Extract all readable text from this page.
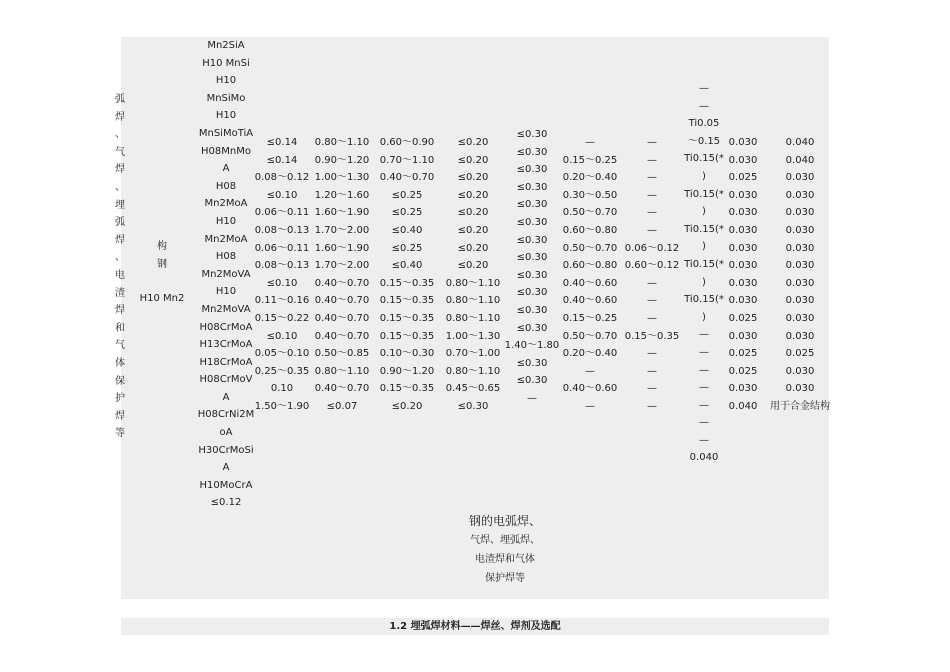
弧
焊
、
气
焊
、
埋
弧
焊
、
电
渣
焊
和
气
体
保
护
焊
等
构
钢
H10 Mn2
Mn2SiA
H10 MnSi
H10
MnSiMo
H10
MnSiMoTiA
H08MnMo
A
H08
Mn2MoA
H10
Mn2MoA
H08
Mn2MoVA
H10
Mn2MoVA
H08CrMoA
H13CrMoA
H18CrMoA
H08CrMoV
A
H08CrNi2M
oA
H30CrMoSi
A
H10MoCrA
≤0.12
≤0.14
≤0.14
0.08～0.12
≤0.10
0.06～0.11
0.08～0.13
0.06～0.11
0.08～0.13
≤0.10
0.11～0.16
0.15～0.22
≤0.10
0.05～0.10
0.25～0.35
0.10
1.50～1.90
0.80～1.10
0.90～1.20
1.00～1.30
1.20～1.60
1.60～1.90
1.70～2.00
1.60～1.90
1.70～2.00
0.40～0.70
0.40～0.70
0.40～0.70
0.40～0.70
0.50～0.85
0.80～1.10
0.40～0.70
≤0.07
0.60～0.90
0.70～1.10
0.40～0.70
≤0.25
≤0.25
≤0.40
≤0.25
≤0.40
0.15～0.35
0.15～0.35
0.15～0.35
0.15～0.35
0.10～0.30
0.90～1.20
0.15～0.35
≤0.20
≤0.20
≤0.20
≤0.20
≤0.20
≤0.20
≤0.20
≤0.20
≤0.20
0.80～1.10
0.80～1.10
0.80～1.10
1.00～1.30
0.70～1.00
0.80～1.10
0.45～0.65
≤0.30
≤0.30
≤0.30
≤0.30
≤0.30
≤0.30
≤0.30
≤0.30
≤0.30
≤0.30
≤0.30
≤0.30
≤0.30
1.40～1.80
≤0.30
≤0.30
—
—
0.15～0.25
0.20～0.40
0.30～0.50
0.50～0.70
0.60～0.80
0.50～0.70
0.60～0.80
0.40～0.60
0.40～0.60
0.15～0.25
0.50～0.70
0.20～0.40
—
0.40～0.60
—
—
—
—
—
—
—
0.06～0.12
0.60～0.12
—
—
—
0.15～0.35
—
—
—
—
—
—
Ti0.05
～0.15
Ti0.15(*
)
Ti0.15(*
)
Ti0.15(*
)
Ti0.15(*
)
Ti0.15(*
)
—
—
—
—
—
—
—
0.040
0.030
0.030
0.025
0.030
0.030
0.030
0.030
0.030
0.030
0.030
0.025
0.030
0.025
0.025
0.030
0.040
0.040
0.040
0.030
0.030
0.030
0.030
0.030
0.030
0.030
0.030
0.030
0.030
0.025
0.030
0.030
用于合金结构
钢的电弧焊、
气焊、埋弧焊、
电渣焊和气体
保护焊等
1.2 埋弧焊材料——焊丝、焊剂及选配
